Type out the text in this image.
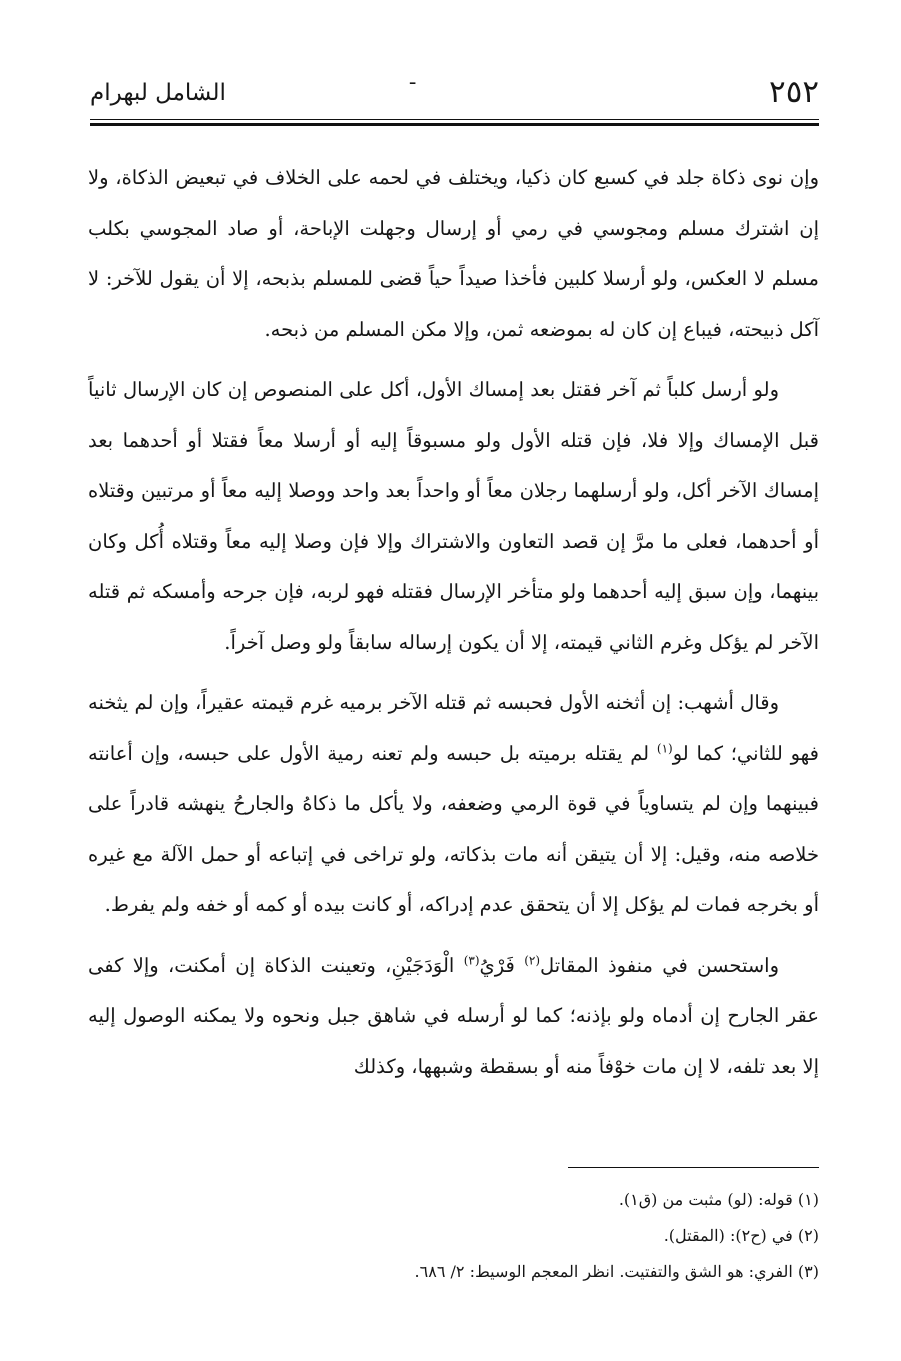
٢٥٢
ـ
الشامل لبهرام

وإن نوى ذكاة جلد في كسبع كان ذكيا، ويختلف في لحمه على الخلاف في تبعيض الذكاة، ولا إن اشترك مسلم ومجوسي في رمي أو إرسال وجهلت الإباحة، أو صاد المجوسي بكلب مسلم لا العكس، ولو أرسلا كلبين فأخذا صيداً حياً قضى للمسلم بذبحه، إلا أن يقول للآخر: لا آكل ذبيحته، فيباع إن كان له بموضعه ثمن، وإلا مكن المسلم من ذبحه.

ولو أرسل كلباً ثم آخر فقتل بعد إمساك الأول، أكل على المنصوص إن كان الإرسال ثانياً قبل الإمساك وإلا فلا، فإن قتله الأول ولو مسبوقاً إليه أو أرسلا معاً فقتلا أو أحدهما بعد إمساك الآخر أكل، ولو أرسلهما رجلان معاً أو واحداً بعد واحد ووصلا إليه معاً أو مرتبين وقتلاه أو أحدهما، فعلى ما مرَّ إن قصد التعاون والاشتراك وإلا فإن وصلا إليه معاً وقتلاه أُكل وكان بينهما، وإن سبق إليه أحدهما ولو متأخر الإرسال فقتله فهو لربه، فإن جرحه وأمسكه ثم قتله الآخر لم يؤكل وغرم الثاني قيمته، إلا أن يكون إرساله سابقاً ولو وصل آخراً.

وقال أشهب: إن أثخنه الأول فحبسه ثم قتله الآخر برميه غرم قيمته عقيراً، وإن لم يثخنه فهو للثاني؛ كما لو$^{(١)}$ لم يقتله برميته بل حبسه ولم تعنه رمية الأول على حبسه، وإن أعانته فبينهما وإن لم يتساوياً في قوة الرمي وضعفه، ولا يأكل ما ذكاهُ والجارحُ ينهشه قادراً على خلاصه منه، وقيل: إلا أن يتيقن أنه مات بذكاته، ولو تراخى في إتباعه أو حمل الآلة مع غيره أو بخرجه فمات لم يؤكل إلا أن يتحقق عدم إدراكه، أو كانت بيده أو كمه أو خفه ولم يفرط.

واستحسن في منفوذ المقاتل$^{(٢)}$ فَرْيُ$^{(٣)}$ الْوَدَجَيْنِ، وتعينت الذكاة إن أمكنت، وإلا كفى عقر الجارح إن أدماه ولو بإذنه؛ كما لو أرسله في شاهق جبل ونحوه ولا يمكنه الوصول إليه إلا بعد تلفه، لا إن مات خوْفاً منه أو بسقطة وشبهها، وكذلك

(١) قوله: (لو) مثبت من (ق١).
(٢) في (ح٢): (المقتل).
(٣) الفري: هو الشق والتفتيت. انظر المعجم الوسيط: ٢/ ٦٨٦.
